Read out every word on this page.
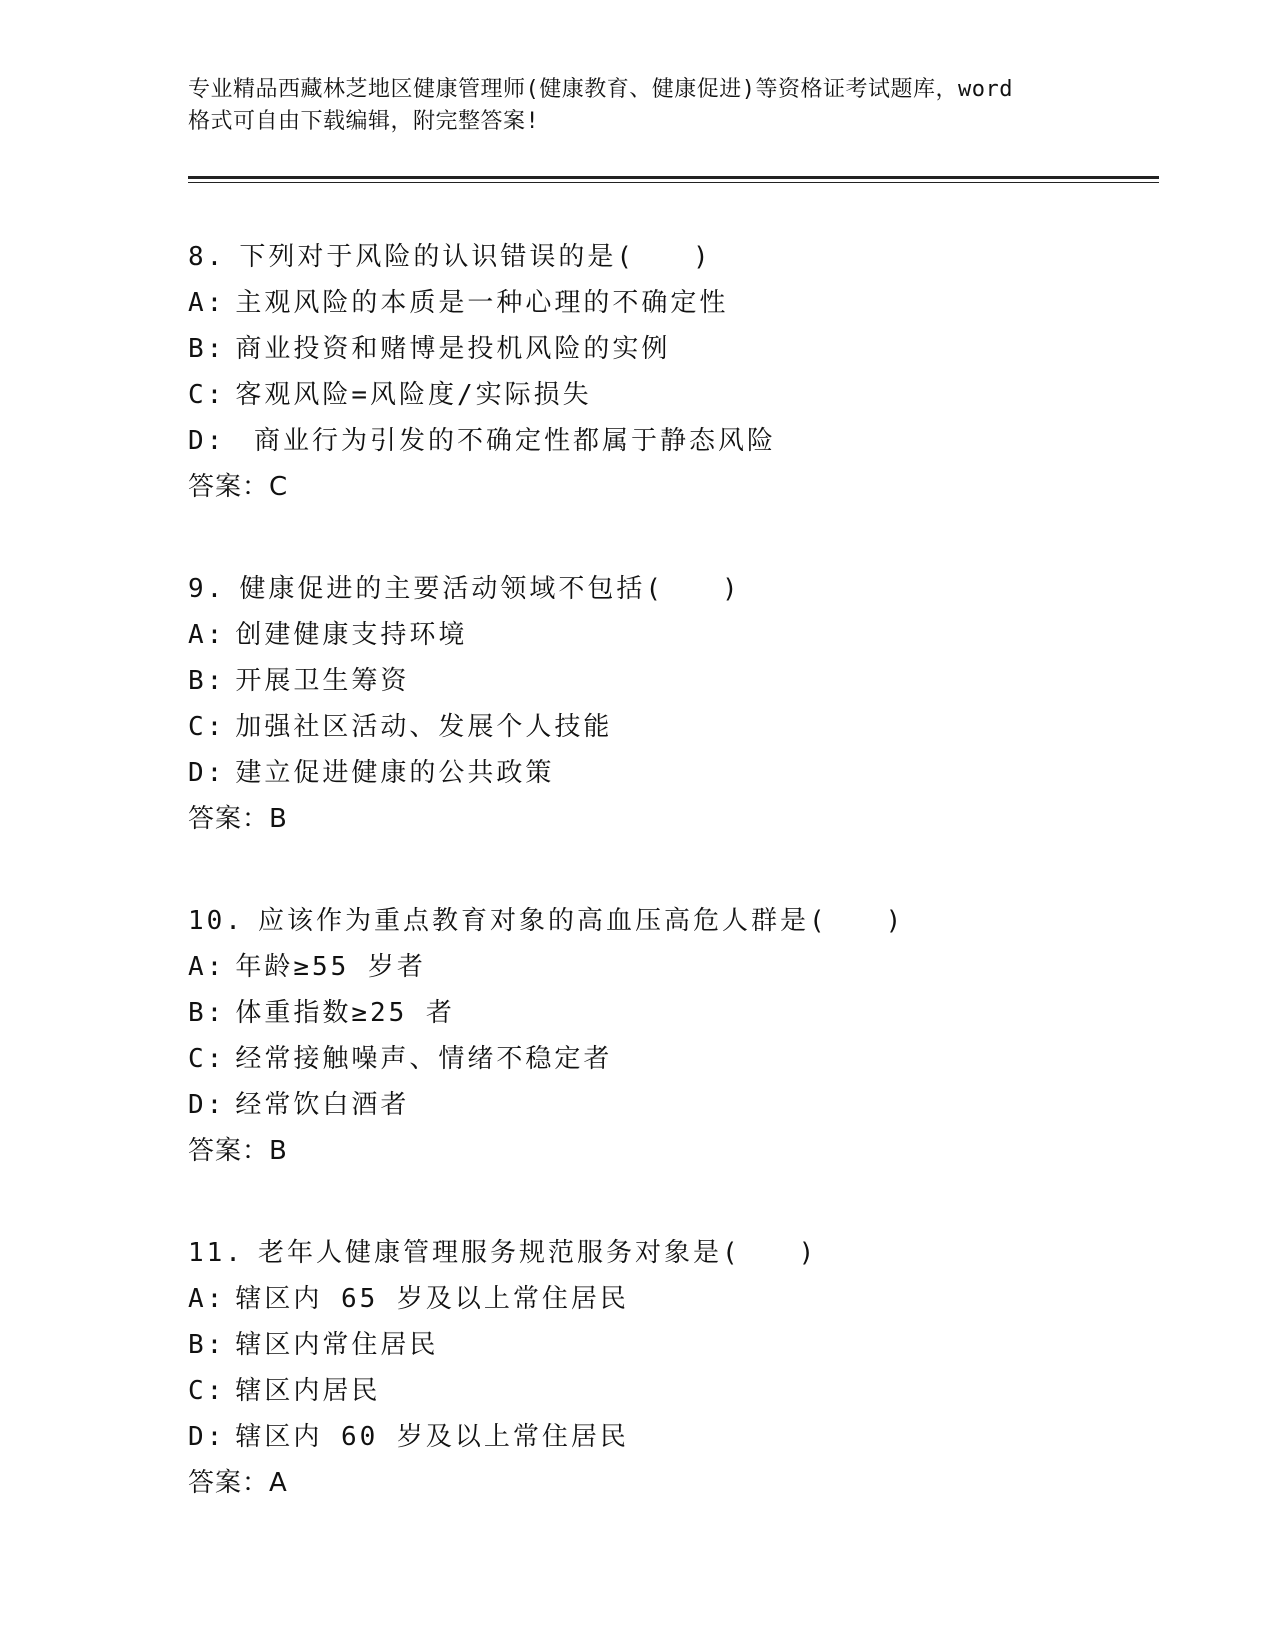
专业精品西藏林芝地区健康管理师(健康教育、健康促进)等资格证考试题库，word
格式可自由下载编辑，附完整答案!
8. 下列对于风险的认识错误的是(　　)
A: 主观风险的本质是一种心理的不确定性
B: 商业投资和赌博是投机风险的实例
C: 客观风险=风险度/实际损失
D: 商业行为引发的不确定性都属于静态风险
答案：C
9. 健康促进的主要活动领域不包括(　　)
A: 创建健康支持环境
B: 开展卫生筹资
C: 加强社区活动、发展个人技能
D: 建立促进健康的公共政策
答案：B
10. 应该作为重点教育对象的高血压高危人群是(　　)
A: 年龄≥55 岁者
B: 体重指数≥25 者
C: 经常接触噪声、情绪不稳定者
D: 经常饮白酒者
答案：B
11. 老年人健康管理服务规范服务对象是(　　)
A: 辖区内 65 岁及以上常住居民
B: 辖区内常住居民
C: 辖区内居民
D: 辖区内 60 岁及以上常住居民
答案：A
